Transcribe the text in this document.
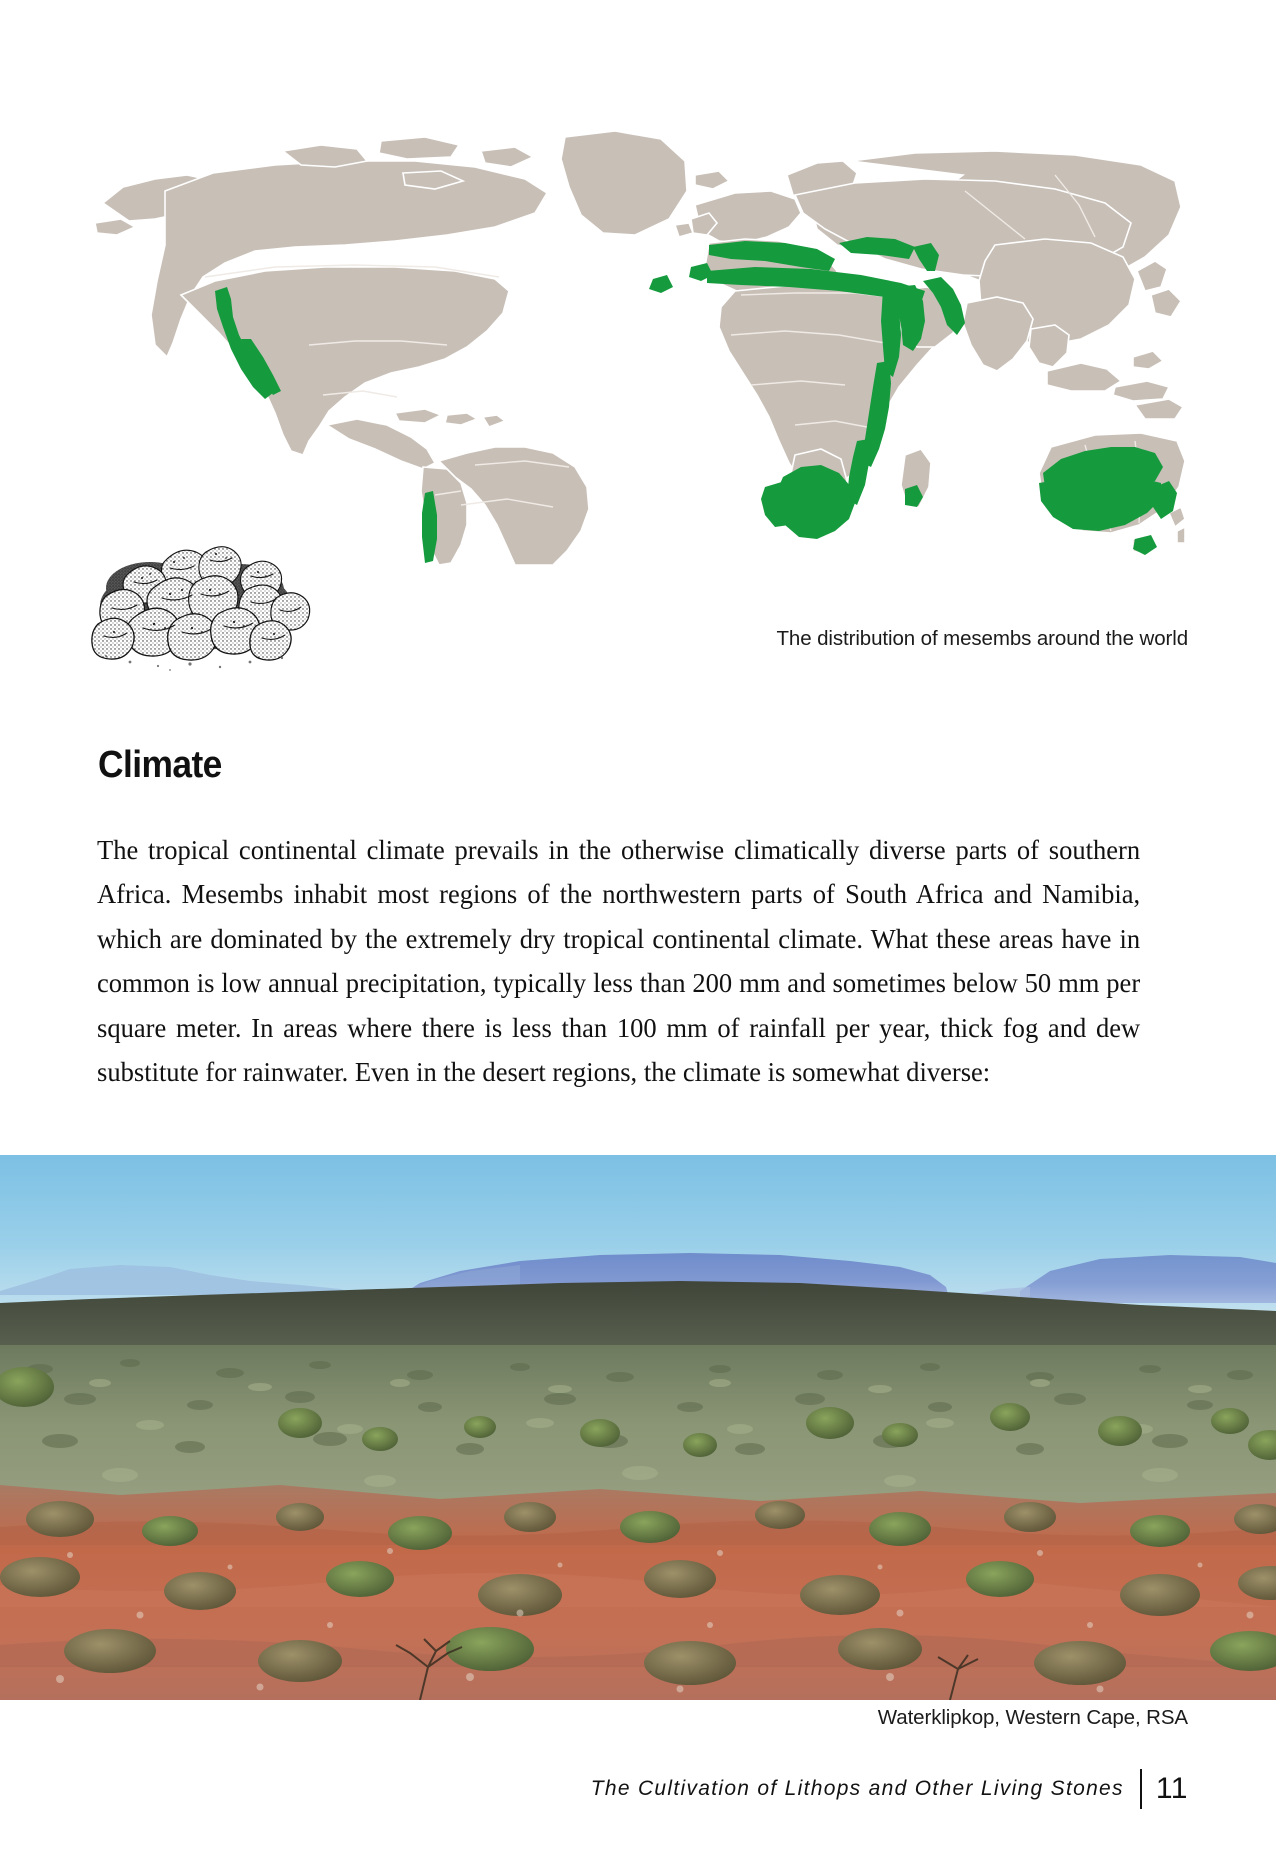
The distribution of mesembs around the world
Climate

The tropical continental climate prevails in the otherwise climatically diverse parts of southern Africa. Mesembs inhabit most regions of the northwestern parts of South Africa and Namibia, which are dominated by the extremely dry tropical continental climate. What these areas have in common is low annual precipitation, typically less than 200 mm and sometimes below 50 mm per square meter. In areas where there is less than 100 mm of rainfall per year, thick fog and dew substitute for rainwater. Even in the desert regions, the climate is somewhat diverse:

Waterklipkop, Western Cape, RSA
The Cultivation of Lithops and Other Living Stones 11
